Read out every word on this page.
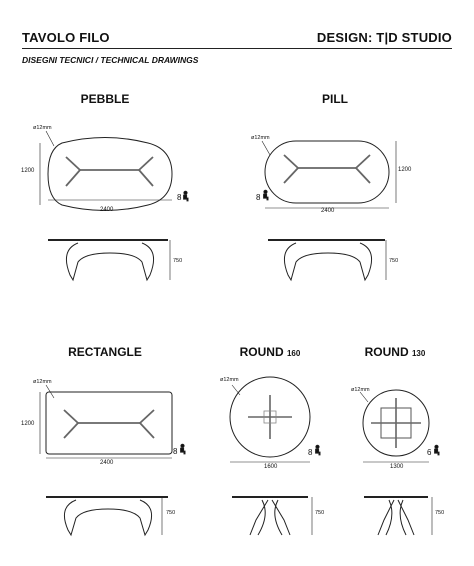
TAVOLO FILO	DESIGN: T|D STUDIO
DISEGNI TECNICI / TECHNICAL DRAWINGS
PEBBLE	PILL
RECTANGLE	ROUND 160	ROUND 130
ø12mm
1200
2400
8
750
ø12mm
1200
2400
8
750
ø12mm
1200
2400
8
750
ø12mm
1600
8
750
ø12mm
1300
6
750
